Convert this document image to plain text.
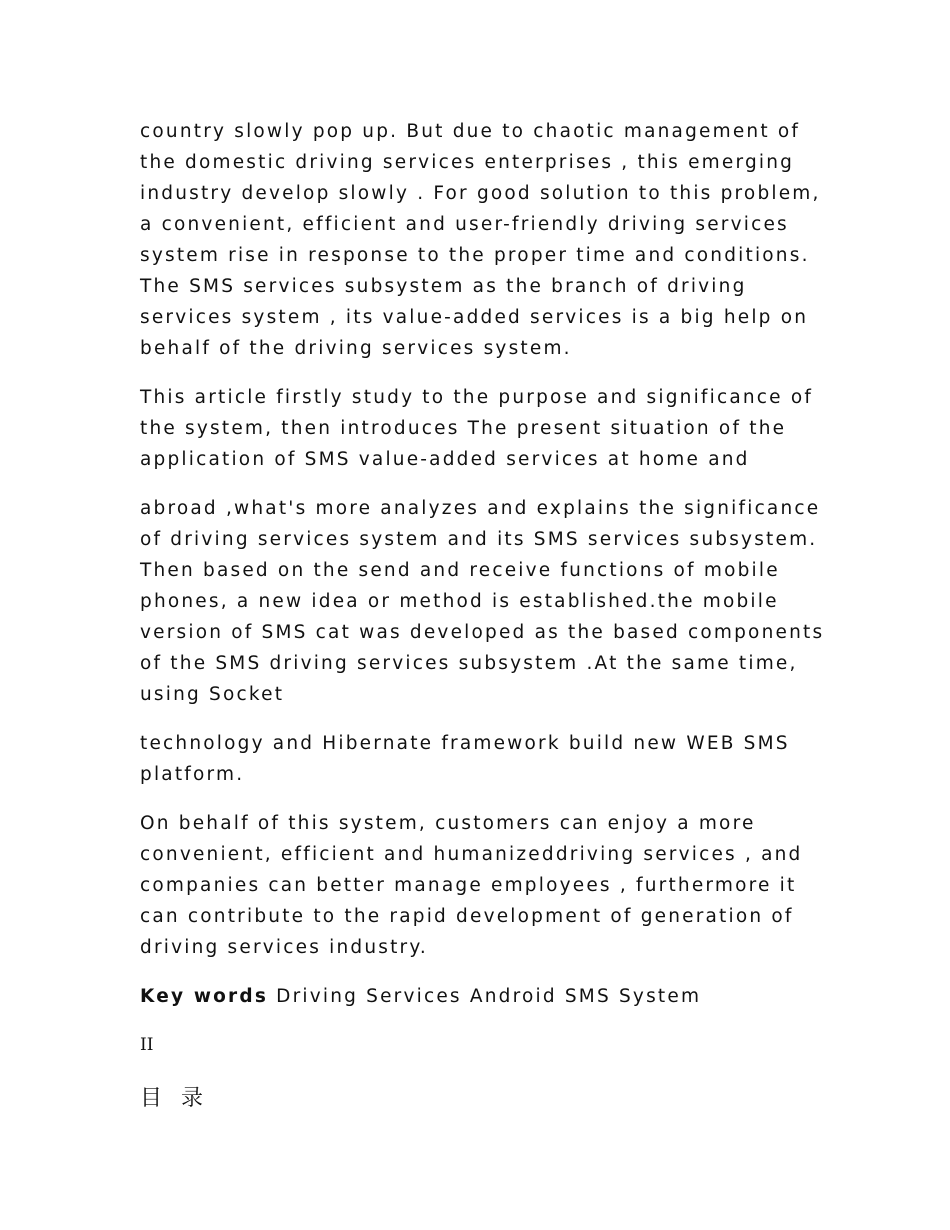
country slowly pop up. But due to chaotic management of
the domestic driving services enterprises , this emerging
industry develop slowly . For good solution to this problem,
a convenient, efficient and user-friendly driving services
system rise in response to the proper time and conditions.
The SMS services subsystem as the branch of driving
services system , its value-added services is a big help on
behalf of the driving services system.

This article firstly study to the purpose and significance of
the system, then introduces The present situation of the
application of SMS value-added services at home and

abroad ,what's more analyzes and explains the significance
of driving services system and its SMS services subsystem.
Then based on the send and receive functions of mobile
phones, a new idea or method is established.the mobile
version of SMS cat was developed as the based components
of the SMS driving services subsystem .At the same time,
using Socket

technology and Hibernate framework build new WEB SMS
platform.

On behalf of this system, customers can enjoy a more
convenient, efficient and humanizeddriving services , and
companies can better manage employees , furthermore it
can contribute to the rapid development of generation of
driving services industry.

Key words Driving Services Android SMS System

II

目 录
